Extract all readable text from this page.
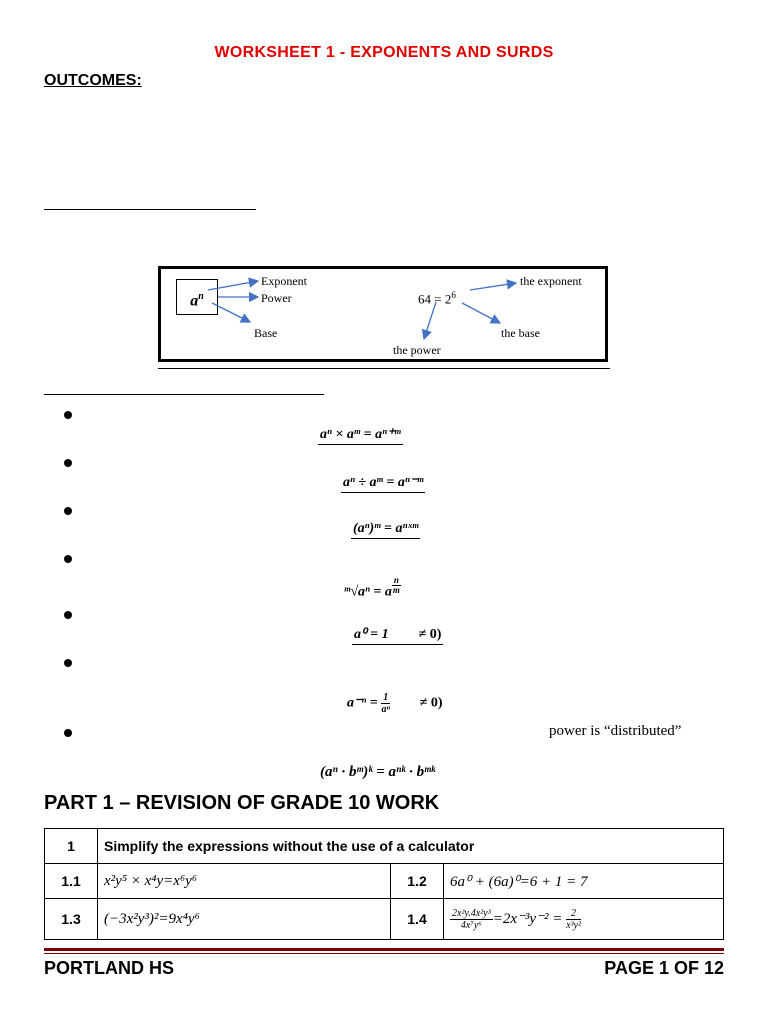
WORKSHEET 1 - EXPONENTS AND SURDS
OUTCOMES:
$a^n$
Exponent
Power
Base
$64 = 2^6$
the exponent
the base
the power
aⁿ × aᵐ = aⁿ⁺ᵐ
aⁿ ÷ aᵐ = aⁿ⁻ᵐ
(aⁿ)ᵐ = aⁿˣᵐ
ᵐ√aⁿ = a $^{\frac{n}{m}}$
a⁰ = 1 ≠ 0)
$a^{-n} = \frac{1}{\text{aⁿ}} \ne 0$)
power is “distributed”
(aⁿ · bᵐ)ᵏ = aⁿᵏ · bᵐᵏ
PART 1 – REVISION OF GRADE 10 WORK
1	Simplify the expressions without the use of a calculator		
1.1	x²y⁵ × x⁴y=x⁶y⁶	1.2	6a⁰ + (6a)⁰=6 + 1 = 7
1.3	(−3x²y³)²=9x⁴y⁶	1.4	$\frac{\text{2x²y.4x²y³}}{\text{4x⁷y⁶}} =2x^{-3}y^{-2} = \frac{2}{\text{x³y²}}$
PORTLAND HS	PAGE 1 OF 12
